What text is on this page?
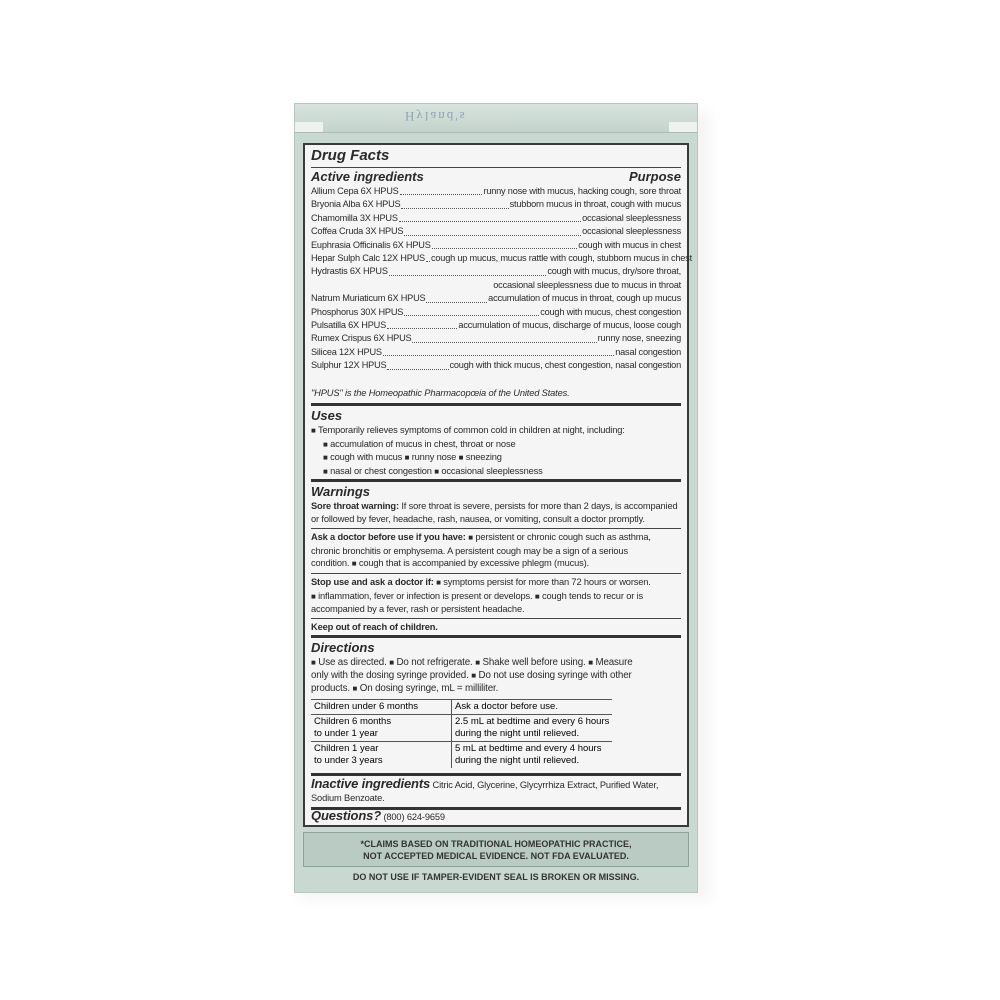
Hyland's
Drug Facts
Active ingredients	Purpose
Allium Cepa 6X HPUS	runny nose with mucus, hacking cough, sore throat
Bryonia Alba 6X HPUS	stubborn mucus in throat, cough with mucus
Chamomilla 3X HPUS	occasional sleeplessness
Coffea Cruda 3X HPUS	occasional sleeplessness
Euphrasia Officinalis 6X HPUS	cough with mucus in chest
Hepar Sulph Calc 12X HPUS cough up mucus, mucus rattle with cough, stubborn mucus in chest
Hydrastis 6X HPUS	cough with mucus, dry/sore throat,
occasional sleeplessness due to mucus in throat
Natrum Muriaticum 6X HPUS	accumulation of mucus in throat, cough up mucus
Phosphorus 30X HPUS	cough with mucus, chest congestion
Pulsatilla 6X HPUS	accumulation of mucus, discharge of mucus, loose cough
Rumex Crispus 6X HPUS	runny nose, sneezing
Silicea 12X HPUS	nasal congestion
Sulphur 12X HPUS	cough with thick mucus, chest congestion, nasal congestion
"HPUS" is the Homeopathic Pharmacopœia of the United States.
Uses
■ Temporarily relieves symptoms of common cold in children at night, including:
■ accumulation of mucus in chest, throat or nose
■ cough with mucus ■ runny nose ■ sneezing
■ nasal or chest congestion ■ occasional sleeplessness
Warnings
Sore throat warning: If sore throat is severe, persists for more than 2 days, is accompanied
or followed by fever, headache, rash, nausea, or vomiting, consult a doctor promptly.
Ask a doctor before use if you have: ■ persistent or chronic cough such as asthma,
chronic bronchitis or emphysema. A persistent cough may be a sign of a serious
condition. ■ cough that is accompanied by excessive phlegm (mucus).
Stop use and ask a doctor if: ■ symptoms persist for more than 72 hours or worsen.
■ inflammation, fever or infection is present or develops. ■ cough tends to recur or is
accompanied by a fever, rash or persistent headache.
Keep out of reach of children.
Directions
■ Use as directed. ■ Do not refrigerate. ■ Shake well before using. ■ Measure
only with the dosing syringe provided. ■ Do not use dosing syringe with other
products. ■ On dosing syringe, mL = milliliter.
Children under 6 months	Ask a doctor before use.
Children 6 months
to under 1 year	2.5 mL at bedtime and every 6 hours
during the night until relieved.
Children 1 year
to under 3 years	5 mL at bedtime and every 4 hours
during the night until relieved.
Inactive ingredients Citric Acid, Glycerine, Glycyrrhiza Extract, Purified Water,
Sodium Benzoate.
Questions? (800) 624-9659
*CLAIMS BASED ON TRADITIONAL HOMEOPATHIC PRACTICE,
NOT ACCEPTED MEDICAL EVIDENCE. NOT FDA EVALUATED.
DO NOT USE IF TAMPER-EVIDENT SEAL IS BROKEN OR MISSING.
